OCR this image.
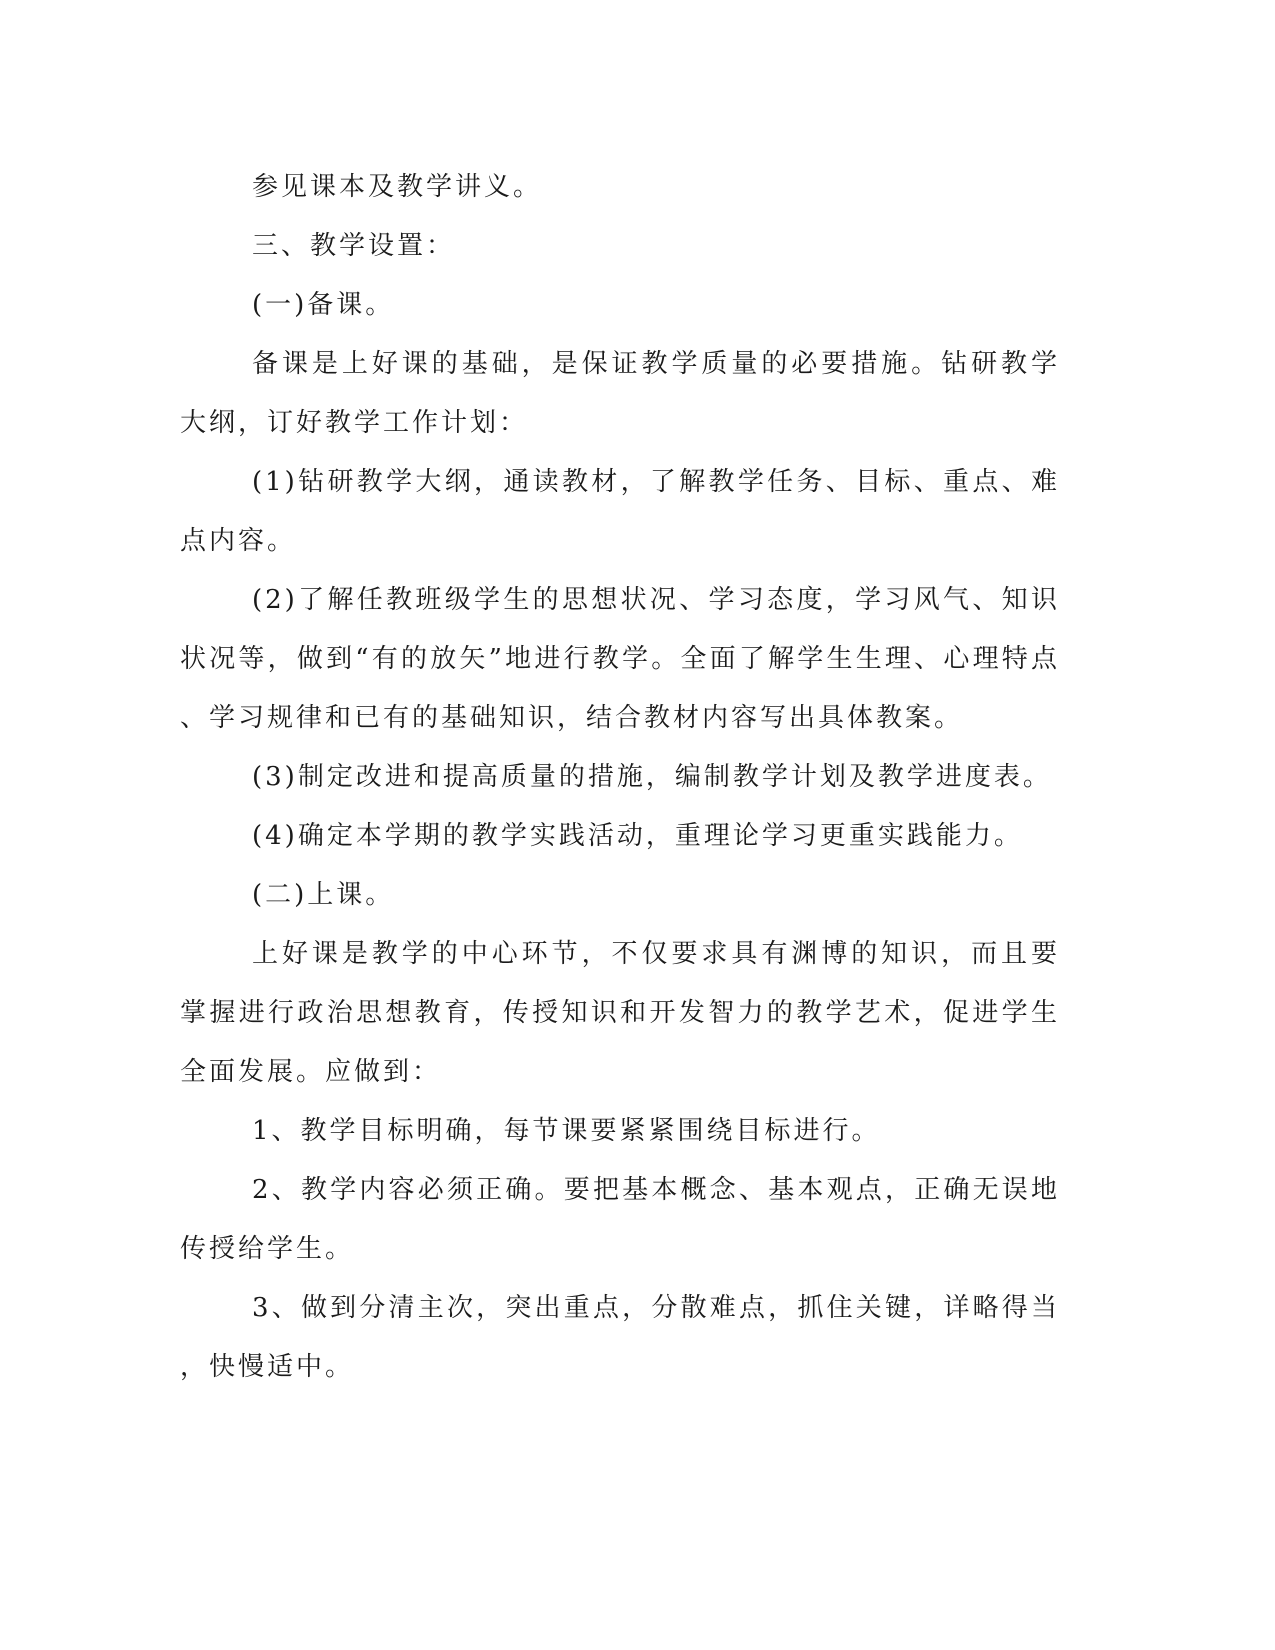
参见课本及教学讲义。

三、教学设置：

(一)备课。

备课是上好课的基础，是保证教学质量的必要措施。钻研教学大纲，订好教学工作计划：

(1)钻研教学大纲，通读教材，了解教学任务、目标、重点、难点内容。

(2)了解任教班级学生的思想状况、学习态度，学习风气、知识状况等，做到“有的放矢”地进行教学。全面了解学生生理、心理特点、学习规律和已有的基础知识，结合教材内容写出具体教案。

(3)制定改进和提高质量的措施，编制教学计划及教学进度表。

(4)确定本学期的教学实践活动，重理论学习更重实践能力。

(二)上课。

上好课是教学的中心环节，不仅要求具有渊博的知识，而且要掌握进行政治思想教育，传授知识和开发智力的教学艺术，促进学生全面发展。应做到：

1、教学目标明确，每节课要紧紧围绕目标进行。

2、教学内容必须正确。要把基本概念、基本观点，正确无误地传授给学生。

3、做到分清主次，突出重点，分散难点，抓住关键，详略得当，快慢适中。
